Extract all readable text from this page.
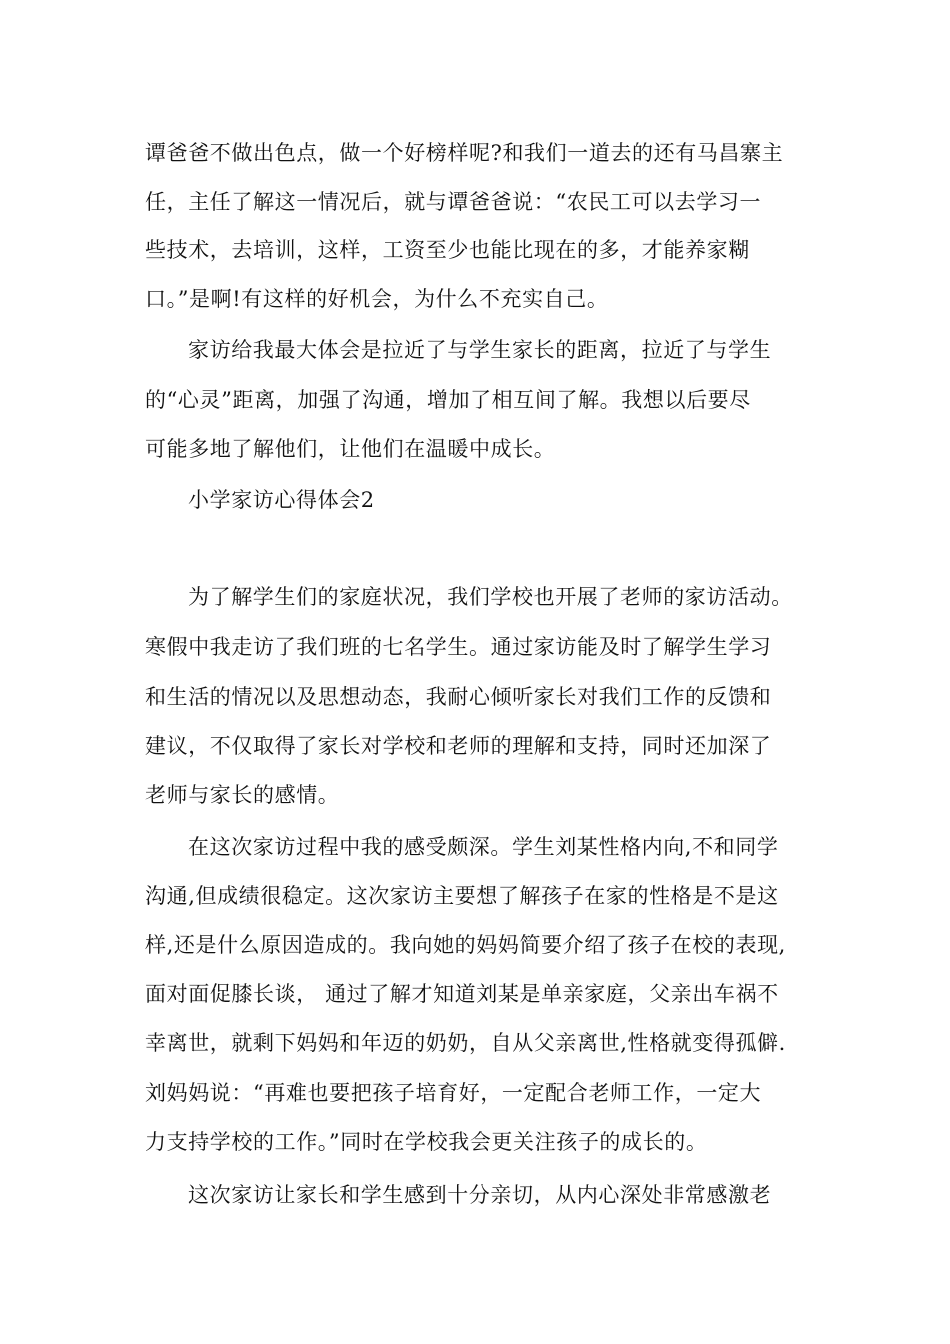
谭爸爸不做出色点，做一个好榜样呢?和我们一道去的还有马昌寨主
任，主任了解这一情况后，就与谭爸爸说：“农民工可以去学习一
些技术，去培训，这样，工资至少也能比现在的多，才能养家糊
口。”是啊!有这样的好机会，为什么不充实自己。
家访给我最大体会是拉近了与学生家长的距离，拉近了与学生
的“心灵”距离，加强了沟通，增加了相互间了解。我想以后要尽
可能多地了解他们，让他们在温暖中成长。
小学家访心得体会2
为了解学生们的家庭状况，我们学校也开展了老师的家访活动。
寒假中我走访了我们班的七名学生。通过家访能及时了解学生学习
和生活的情况以及思想动态，我耐心倾听家长对我们工作的反馈和
建议，不仅取得了家长对学校和老师的理解和支持，同时还加深了
老师与家长的感情。
在这次家访过程中我的感受颇深。学生刘某性格内向,不和同学
沟通,但成绩很稳定。这次家访主要想了解孩子在家的性格是不是这
样,还是什么原因造成的。我向她的妈妈简要介绍了孩子在校的表现,
面对面促膝长谈， 通过了解才知道刘某是单亲家庭，父亲出车祸不
幸离世，就剩下妈妈和年迈的奶奶，自从父亲离世,性格就变得孤僻.
刘妈妈说：“再难也要把孩子培育好，一定配合老师工作，一定大
力支持学校的工作。”同时在学校我会更关注孩子的成长的。
这次家访让家长和学生感到十分亲切，从内心深处非常感激老
